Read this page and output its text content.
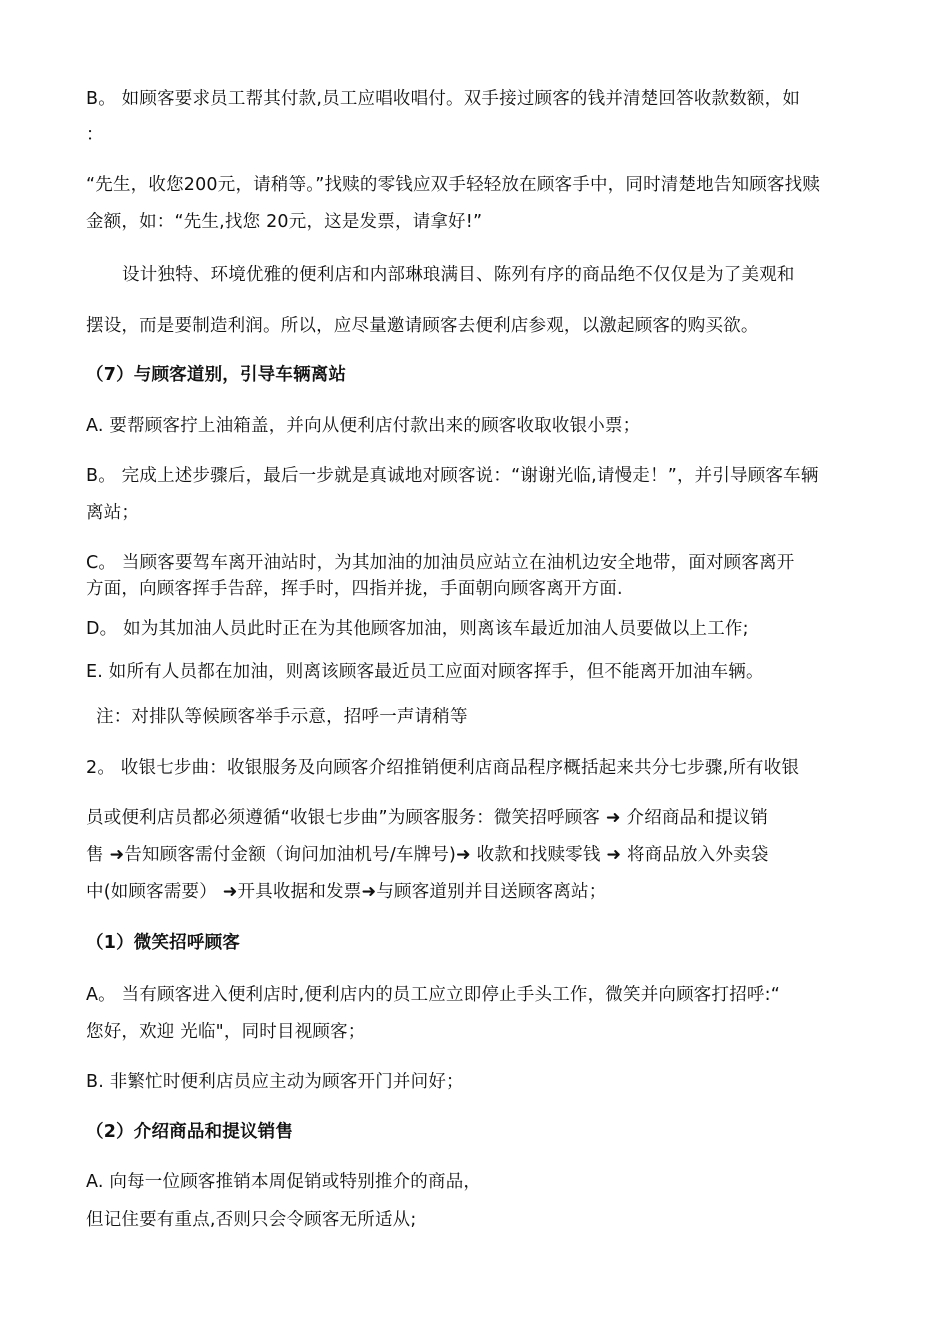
B。 如顾客要求员工帮其付款,员工应唱收唱付。双手接过顾客的钱并清楚回答收款数额，如
：
“先生，收您200元，请稍等。”找赎的零钱应双手轻轻放在顾客手中，同时清楚地告知顾客找赎
金额，如：“先生,找您 20元，这是发票，请拿好!”
设计独特、环境优雅的便利店和内部琳琅满目、陈列有序的商品绝不仅仅是为了美观和
摆设，而是要制造利润。所以，应尽量邀请顾客去便利店参观，以激起顾客的购买欲。
（7）与顾客道别，引导车辆离站
A. 要帮顾客拧上油箱盖，并向从便利店付款出来的顾客收取收银小票；
B。 完成上述步骤后，最后一步就是真诚地对顾客说：“谢谢光临,请慢走！”，并引导顾客车辆
离站；
C。 当顾客要驾车离开油站时，为其加油的加油员应站立在油机边安全地带，面对顾客离开
方面，向顾客挥手告辞，挥手时，四指并拢，手面朝向顾客离开方面.
D。 如为其加油人员此时正在为其他顾客加油，则离该车最近加油人员要做以上工作;
E. 如所有人员都在加油，则离该顾客最近员工应面对顾客挥手，但不能离开加油车辆。
注：对排队等候顾客举手示意，招呼一声请稍等
2。 收银七步曲：收银服务及向顾客介绍推销便利店商品程序概括起来共分七步骤,所有收银
员或便利店员都必须遵循“收银七步曲”为顾客服务：微笑招呼顾客 ➜ 介绍商品和提议销
售 ➜告知顾客需付金额（询问加油机号/车牌号)➜ 收款和找赎零钱 ➜ 将商品放入外卖袋
中(如顾客需要） ➜开具收据和发票➜与顾客道别并目送顾客离站；
（1）微笑招呼顾客
A。 当有顾客进入便利店时,便利店内的员工应立即停止手头工作，微笑并向顾客打招呼:“
您好，欢迎 光临"，同时目视顾客；
B. 非繁忙时便利店员应主动为顾客开门并问好；
（2）介绍商品和提议销售
A. 向每一位顾客推销本周促销或特别推介的商品，
但记住要有重点,否则只会令顾客无所适从;
